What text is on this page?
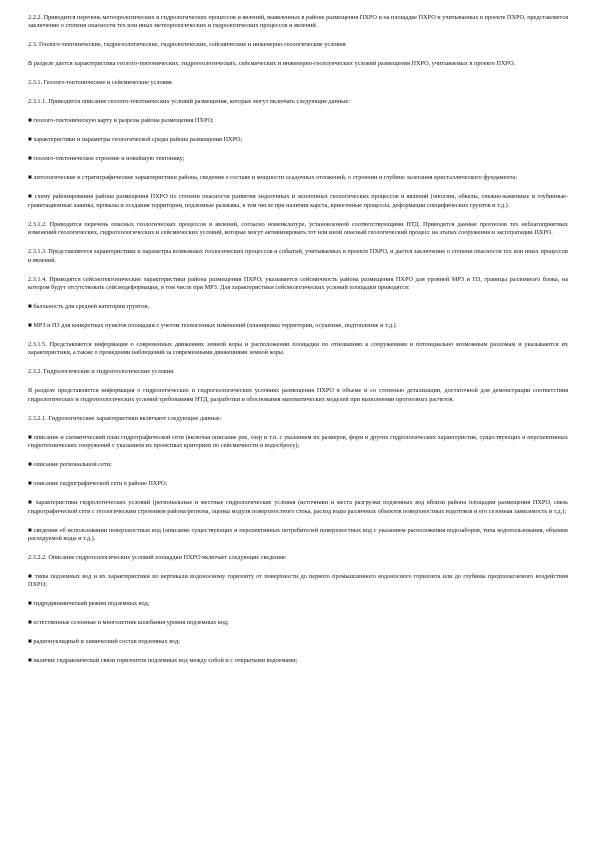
2.2.2. Приводится перечень метеорологических и гидрологических процессов и явлений, выявленных в районе размещения ПХРО и на площадке ПХРО и учитываемых в проекте ПХРО, представляется заключение о степени опасности тех или иных метеорологических и гидрологических процессов и явлений.

2.3. Геолого-тектонические, гидрогеологические, гидрологические, сейсмические и инженерно-геологические условия

В разделе дается характеристика геолого-тектонических, гидрогеологических, сейсмических и инженерно-геологических условий размещения ПХРО, учитываемых в проекте ПХРО.

2.3.1. Геолого-тектонические и сейсмические условия

2.3.1.1. Приводится описание геолого-тектонических условий размещения, которые могут включать следующие данные:

■ геолого-тектоническую карту и разрезы района размещения ПХРО;

■ характеристики и параметры геологической среды района размещения ПХРО;

■ геолого-тектоническое строение и новейшую тектонику;

■ литологические и стратиграфические характеристики района, сведения о составе и мощности осадочных отложений, о строении и глубине залегания кристаллического фундамента;

■ схему районирования района размещения ПХРО по степени опасности развития эндогенных и экзогенных геологических процессов и явлений (оползни, обвалы, снежно-каменные и глубинные-гравитационные лавины, провалы и оседания территории, подземные размывы, в том числе при наличии карста, криогенные процессы, деформации специфических грунтов и т.д.).

2.3.1.2. Приводится перечень опасных геологических процессов и явлений, согласно номенклатуре, установленной соответствующими НТД. Приводятся данные прогнозов тех неблагоприятных изменений геологических, гидрогеологических и сейсмических условий, которые могут активизировать тот или иной опасный геологический процесс на этапах сооружения и эксплуатации ПХРО.

2.3.1.3. Представляются характеристики и параметры возможных геологических процессов и событий, учитываемых в проекте ПХРО, и дается заключение о степени опасности тех или иных процессов и явлений.

2.3.1.4. Приводятся сейсмотектонические характеристики района размещения ПХРО; указывается сейсмичность района размещения ПХРО для уровней МРЗ и ПЗ, границы разломного блока, на котором будут отсутствовать сейсмодеформации, в том числе при МРЗ. Для характеристики сейсмологических условий площадки приводятся:

■ балльность для средней категории грунтов;

■ МРЗ и ПЗ для конкретных пунктов площадки с учетом техногенных изменений (планировка территории, осушение, подтопление и т.д.).

2.3.1.5. Представляется информация о современных движениях земной коры и расположении площадки по отношению к сооружениям и потенциально возможным разломам и указываются их характеристики, а также о проведении наблюдений за современными движениями земной коры.

2.3.2. Гидрологические и гидрогеологические условия

В разделе представляется информация о гидрологических и гидрогеологических условиях размещения ПХРО в объеме и со степенью детализации, достаточной для демонстрации соответствия гидрологических и гидрогеологических условий требованиям НТД, разработки и обоснования математических моделей при выполнении прогнозных расчетов.

2.3.2.1. Гидрологические характеристики включают следующие данные:

■ описание и схематический план гидрографической сети (включая описание рек, озер и т.п. с указанием их размеров, форм и других гидрологических характеристик, существующих и перспективных гидротехнических сооружений с указанием их проектных критериев по сейсмичности и водосбросу);

■ описание региональной сети;

■ описание гидрографической сети в районе ПХРО;

■ характеристики гидрологических условий (региональные и местные гидрологические условия (источники и места разгрузки подземных вод вблизи района площадки размещения ПХРО, связь гидрографической сети с геологическим строением района/региона, оценка модуля поверхностного стока, расход воды различных объектов поверхностных водотоков и его сезонная зависимость и т.д.);

■ сведения об использовании поверхностных вод (описание существующих и перспективных потребителей поверхностных вод с указанием расположения водозаборов, типа водопользования, объемов расходуемой воды и т.д.).

2.3.2.2. Описание гидрогеологических условий площадки ПХРО включает следующие сведения:

■ типы подземных вод и их характеристики по вертикали водоносному горизонту от поверхности до первого промышленного водоносного горизонта или до глубины предполагаемого воздействия ПХРО;

■ гидродинамический режим подземных вод;

■ естественные сезонные и многолетние колебания уровня подземных вод;

■ радионуклидный и химический состав подземных вод;

■ наличие гидравлической связи горизонтов подземных вод между собой и с открытыми водоемами;
